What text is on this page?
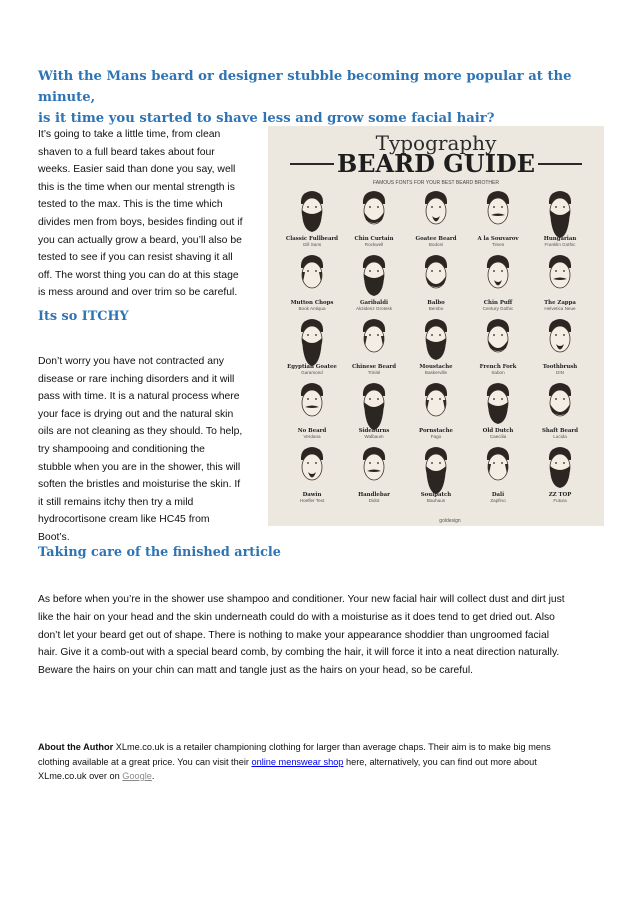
With the Mans beard or designer stubble becoming more popular at the minute,
is it time you started to shave less and grow some facial hair?

It’s going to take a little time, from clean
shaven to a full beard takes about four
weeks. Easier said than done you say, well
this is the time when our mental strength is
tested to the max. This is the time which
divides men from boys, besides finding out if
you can actually grow a beard, you’ll also be
tested to see if you can resist shaving it all
off. The worst thing you can do at this stage
is mess around and over trim so be careful.

Its so ITCHY

Don’t worry you have not contracted any
disease or rare inching disorders and it will
pass with time. It is a natural process where
your face is drying out and the natural skin
oils are not cleaning as they should. To help,
try shampooing and conditioning the
stubble when you are in the shower, this will
soften the bristles and moisturise the skin. If
it still remains itchy then try a mild
hydrocortisone cream like HC45 from
Boot’s.

Taking care of the finished article

As before when you’re in the shower use shampoo and conditioner. Your new facial hair will collect dust and dirt just
like the hair on your head and the skin underneath could do with a moisturise as it does tend to get dried out. Also
don’t let your beard get out of shape. There is nothing to make your appearance shoddier than ungroomed facial
hair. Give it a comb-out with a special beard comb, by combing the hair, it will force it into a neat direction naturally.
Beware the hairs on your chin can matt and tangle just as the hairs on your head, so be careful.

About the Author XLme.co.uk is a retailer championing clothing for larger than average chaps. Their aim is to make big mens
clothing available at a great price. You can visit their online menswear shop here, alternatively, you can find out more about
XLme.co.uk over on Google.

Typography
BEARD GUIDE
FAMOUS FONTS FOR YOUR BEST BEARD BROTHER
Classic Fullbeard
Gill Sans
Chin Curtain
Rockwell
Goatee Beard
Bodoni
A la Souvarov
Times
Hungarian
Franklin Gothic
Mutton Chops
Book Antiqua
Garibaldi
Akzidenz Grotesk
Balbo
Bembo
Chin Puff
Century Gothic
The Zappa
Helvetica Neue
Egyptian Goatee
Garamond
Chinese Beard
Trinité
Moustache
Baskerville
French Fork
Sabon
Toothbrush
DIN
No Beard
Verdana
Sideburns
Walbaum
Pornstache
Fago
Old Dutch
Caecilia
Shaft Beard
Lucida
Dawin
Hoefler Text
Handlebar
Didot
Soulpatch
Bauhaus
Dali
Zapfino
ZZ TOP
Futura
goldesign
